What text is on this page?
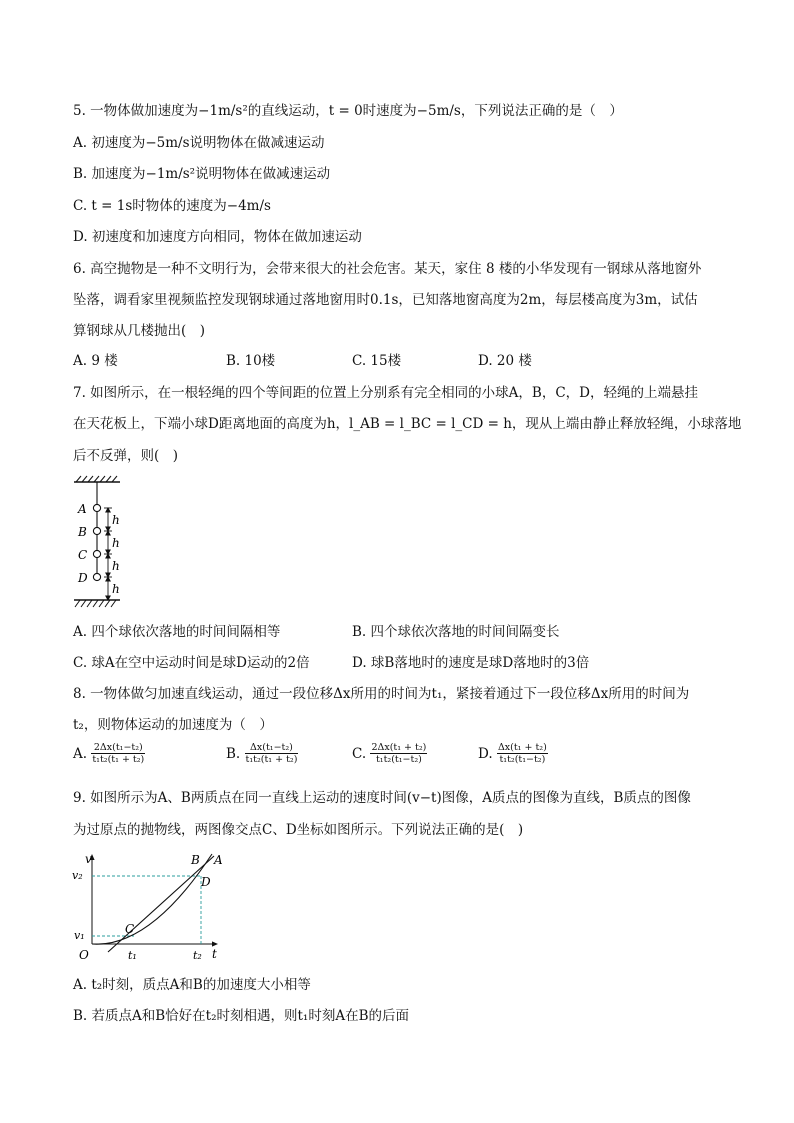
5. 一物体做加速度为−1m/s²的直线运动，t = 0时速度为−5m/s，下列说法正确的是（　）
A. 初速度为−5m/s说明物体在做减速运动
B. 加速度为−1m/s²说明物体在做减速运动
C. t = 1s时物体的速度为−4m/s
D. 初速度和加速度方向相同，物体在做加速运动
6. 高空抛物是一种不文明行为，会带来很大的社会危害。某天，家住 8 楼的小华发现有一钢球从落地窗外
坠落，调看家里视频监控发现钢球通过落地窗用时0.1s，已知落地窗高度为2m，每层楼高度为3m，试估
算钢球从几楼抛出(　)
A. 9 楼	B. 10楼	C. 15楼	D. 20 楼
7. 如图所示，在一根轻绳的四个等间距的位置上分别系有完全相同的小球A，B，C，D，轻绳的上端悬挂
在天花板上，下端小球D距离地面的高度为h，l_AB = l_BC = l_CD = h，现从上端由静止释放轻绳，小球落地
后不反弹，则(　)
A
B
C
D
h
h
h
h
A. 四个球依次落地的时间间隔相等	B. 四个球依次落地的时间间隔变长
C. 球A在空中运动时间是球D运动的2倍	D. 球B落地时的速度是球D落地时的3倍
8. 一物体做匀加速直线运动，通过一段位移Δx所用的时间为t₁，紧接着通过下一段位移Δx所用的时间为
t₂，则物体运动的加速度为（　）
A. $\frac{\text{2Δx(t₁−t₂)}}{\text{t₁t₂(t₁ + t₂)}}$	B. $\frac{\text{Δx(t₁−t₂)}}{\text{t₁t₂(t₁ + t₂)}}$	C. $\frac{\text{2Δx(t₁ + t₂)}}{\text{t₁t₂(t₁−t₂)}}$	D. $\frac{\text{Δx(t₁ + t₂)}}{\text{t₁t₂(t₁−t₂)}}$
9. 如图所示为A、B两质点在同一直线上运动的速度时间(v−t)图像，A质点的图像为直线，B质点的图像
为过原点的抛物线，两图像交点C、D坐标如图所示。下列说法正确的是(　)
v
t
O
v₂
v₁
t₁	t₂
C
D
B A
A. t₂时刻，质点A和B的加速度大小相等
B. 若质点A和B恰好在t₂时刻相遇，则t₁时刻A在B的后面
